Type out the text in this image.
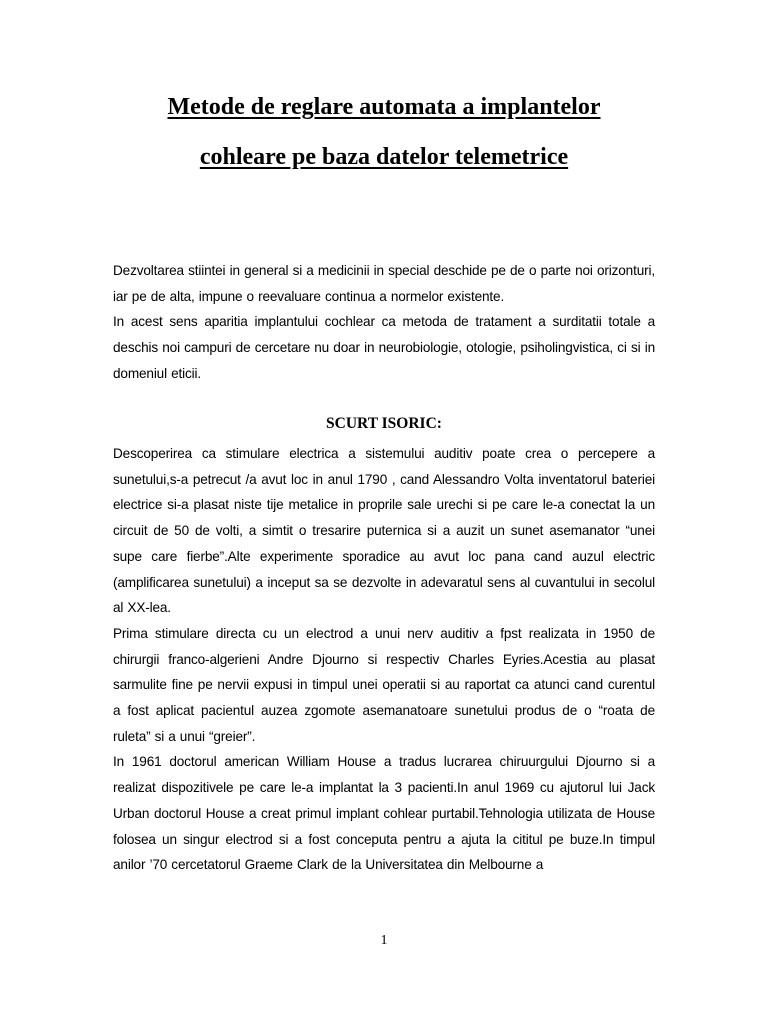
Metode de reglare automata a implantelor
cohleare pe baza datelor telemetrice

Dezvoltarea stiintei in general si a medicinii in special deschide pe de o parte noi orizonturi, iar pe de alta, impune o reevaluare continua a normelor existente.

In acest sens aparitia implantului cochlear ca metoda de tratament a surditatii totale a deschis noi campuri de cercetare nu doar in neurobiologie, otologie, psiholingvistica, ci si in domeniul eticii.

SCURT ISORIC:

Descoperirea ca stimulare electrica a sistemului auditiv poate crea o percepere a sunetului,s-a petrecut /a avut loc in anul 1790 , cand Alessandro Volta inventatorul bateriei electrice si-a plasat niste tije metalice in proprile sale urechi si pe care le-a conectat la un circuit de 50 de volti, a simtit o tresarire puternica si a auzit un sunet asemanator “unei supe care fierbe”.Alte experimente sporadice au avut loc pana cand auzul electric (amplificarea sunetului) a inceput sa se dezvolte in adevaratul sens al cuvantului in secolul al XX-lea.

Prima stimulare directa cu un electrod a unui nerv auditiv a fpst realizata in 1950 de chirurgii franco-algerieni Andre Djourno si respectiv Charles Eyries.Acestia au plasat sarmulite fine pe nervii expusi in timpul unei operatii si au raportat ca atunci cand curentul a fost aplicat pacientul auzea zgomote asemanatoare sunetului produs de o “roata de ruleta” si a unui “greier”.

In 1961 doctorul american William House a tradus lucrarea chiruurgului Djourno si a realizat dispozitivele pe care le-a implantat la 3 pacienti.In anul 1969 cu ajutorul lui Jack Urban doctorul House a creat primul implant cohlear purtabil.Tehnologia utilizata de House folosea un singur electrod si a fost conceputa pentru a ajuta la cititul pe buze.In timpul anilor ’70 cercetatorul Graeme Clark de la Universitatea din Melbourne a

1
